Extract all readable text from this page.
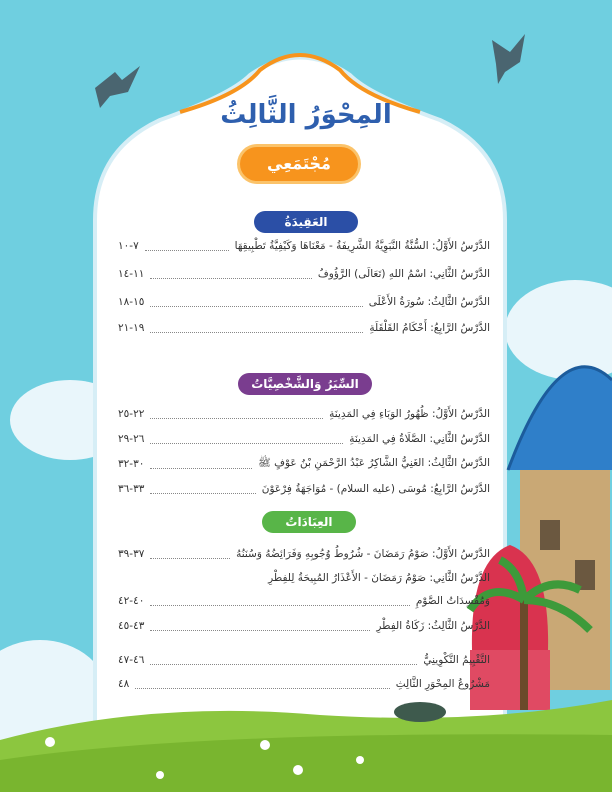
المِحْوَرُ الثَّالِثُ
مُجْتَمَعِي
العَقِيدَةُ
السِّيَرُ وَالشَّخْصِيَّاتُ
العِبَادَاتُ
الدَّرْسُ الأَوَّلُ: السُّنَّةُ النَّبَوِيَّةُ الشَّرِيفَةُ - مَعْنَاهَا وَكَيْفِيَّةُ تَطْبِيقِهَا
٧-١٠
الدَّرْسُ الثَّانِي: اسْمُ اللهِ (تَعَالَى) الرَّؤُوفُ
١١-١٤
الدَّرْسُ الثَّالِثُ: سُورَةُ الأَعْلَى
١٥-١٨
الدَّرْسُ الرَّابِعُ: أَحْكَامُ القَلْقَلَةِ
١٩-٢١
الدَّرْسُ الأَوَّلُ: ظُهُورُ الوَبَاءِ فِي المَدِينَةِ
٢٢-٢٥
الدَّرْسُ الثَّانِي: الصَّلَاةُ فِي المَدِينَةِ
٢٦-٢٩
الدَّرْسُ الثَّالِثُ: الغَنِيُّ الشَّاكِرُ عَبْدُ الرَّحْمَنِ بْنُ عَوْفٍ ﷺ
٣٠-٣٢
الدَّرْسُ الرَّابِعُ: مُوسَى (عليه السلام) - مُوَاجَهَةُ فِرْعَوْنَ
٣٣-٣٦
الدَّرْسُ الأَوَّلُ: صَوْمُ رَمَضَانَ - شُرُوطُ وُجُوبِهِ وَفَرَائِضُهُ وَسُنَنُهُ
٣٧-٣٩
الدَّرْسُ الثَّانِي: صَوْمُ رَمَضَانَ - الأَعْذَارُ المُبِيحَةُ لِلفِطْرِ
وَمُفْسِدَاتُ الصَّوْمِ
٤٠-٤٢
الدَّرْسُ الثَّالِثُ: زَكَاةُ الفِطْرِ
٤٣-٤٥
التَّقْيِيمُ التَّكْوِينِيُّ
٤٦-٤٧
مَشْرُوعُ المِحْوَرِ الثَّالِثِ
٤٨
